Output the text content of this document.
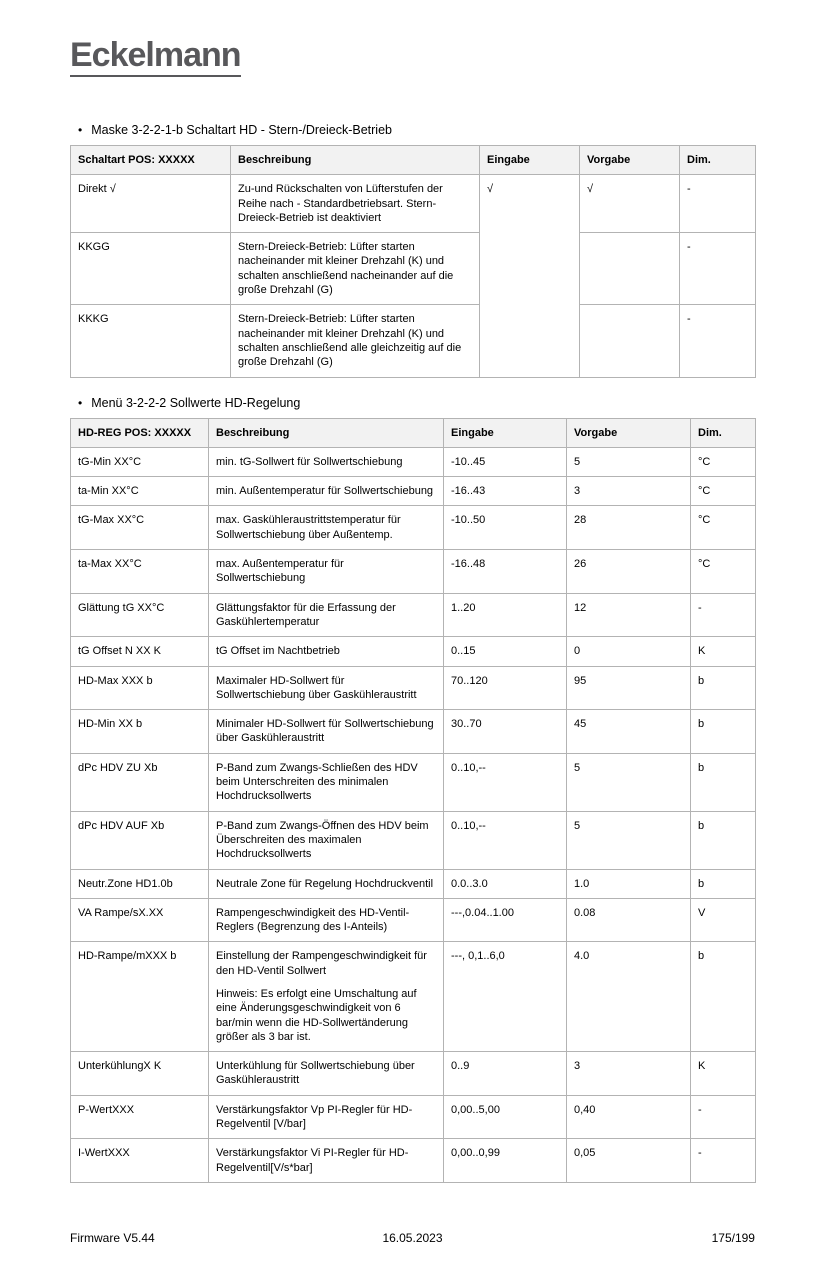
Eckelmann
• Maske 3-2-2-1-b Schaltart HD - Stern-/Dreieck-Betrieb
Schaltart POS: XXXXX	Beschreibung	Eingabe	Vorgabe	Dim.
Direkt √	Zu-und Rückschalten von Lüfterstufen der Reihe nach - Standardbetriebsart. Stern-Dreieck-Betrieb ist deaktiviert	√	√	-
KKGG	Stern-Dreieck-Betrieb: Lüfter starten nacheinander mit kleiner Drehzahl (K) und schalten anschließend nacheinander auf die große Drehzahl (G)			-
KKKG	Stern-Dreieck-Betrieb: Lüfter starten nacheinander mit kleiner Drehzahl (K) und schalten anschließend alle gleichzeitig auf die große Drehzahl (G)			-
• Menü 3-2-2-2 Sollwerte HD-Regelung
HD-REG POS: XXXXX	Beschreibung	Eingabe	Vorgabe	Dim.
tG-Min XX°C	min. tG-Sollwert für Sollwertschiebung	-10..45	5	°C
ta-Min XX°C	min. Außentemperatur für Sollwertschiebung	-16..43	3	°C
tG-Max XX°C	max. Gaskühleraustrittstemperatur für Sollwertschiebung über Außentemp.	-10..50	28	°C
ta-Max XX°C	max. Außentemperatur für Sollwertschiebung	-16..48	26	°C
Glättung tG XX°C	Glättungsfaktor für die Erfassung der Gaskühlertemperatur	1..20	12	-
tG Offset N XX K	tG Offset im Nachtbetrieb	0..15	0	K
HD-Max XXX b	Maximaler HD-Sollwert für Sollwertschiebung über Gaskühleraustritt	70..120	95	b
HD-Min XX b	Minimaler HD-Sollwert für Sollwertschiebung über Gaskühleraustritt	30..70	45	b
dPc HDV ZU Xb	P-Band zum Zwangs-Schließen des HDV beim Unterschreiten des minimalen Hochdrucksollwerts	0..10,--	5	b
dPc HDV AUF Xb	P-Band zum Zwangs-Öffnen des HDV beim Überschreiten des maximalen Hochdrucksollwerts	0..10,--	5	b
Neutr.Zone HD1.0b	Neutrale Zone für Regelung Hochdruckventil	0.0..3.0	1.0	b
VA Rampe/sX.XX	Rampengeschwindigkeit des HD-Ventil-Reglers (Begrenzung des I-Anteils)	---,0.04..1.00	0.08	V
HD-Rampe/mXXX b	Einstellung der Rampengeschwindigkeit für den HD-Ventil Sollwert
Hinweis: Es erfolgt eine Umschaltung auf eine Änderungsgeschwindigkeit von 6 bar/min wenn die HD-Sollwertänderung größer als 3 bar ist.	---, 0,1..6,0	4.0	b
UnterkühlungX K	Unterkühlung für Sollwertschiebung über Gaskühleraustritt	0..9	3	K
P-WertXXX	Verstärkungsfaktor Vp PI-Regler für HD-Regelventil [V/bar]	0,00..5,00	0,40	-
I-WertXXX	Verstärkungsfaktor Vi PI-Regler für HD-Regelventil[V/s*bar]	0,00..0,99	0,05	-
Firmware V5.44	16.05.2023	175/199
